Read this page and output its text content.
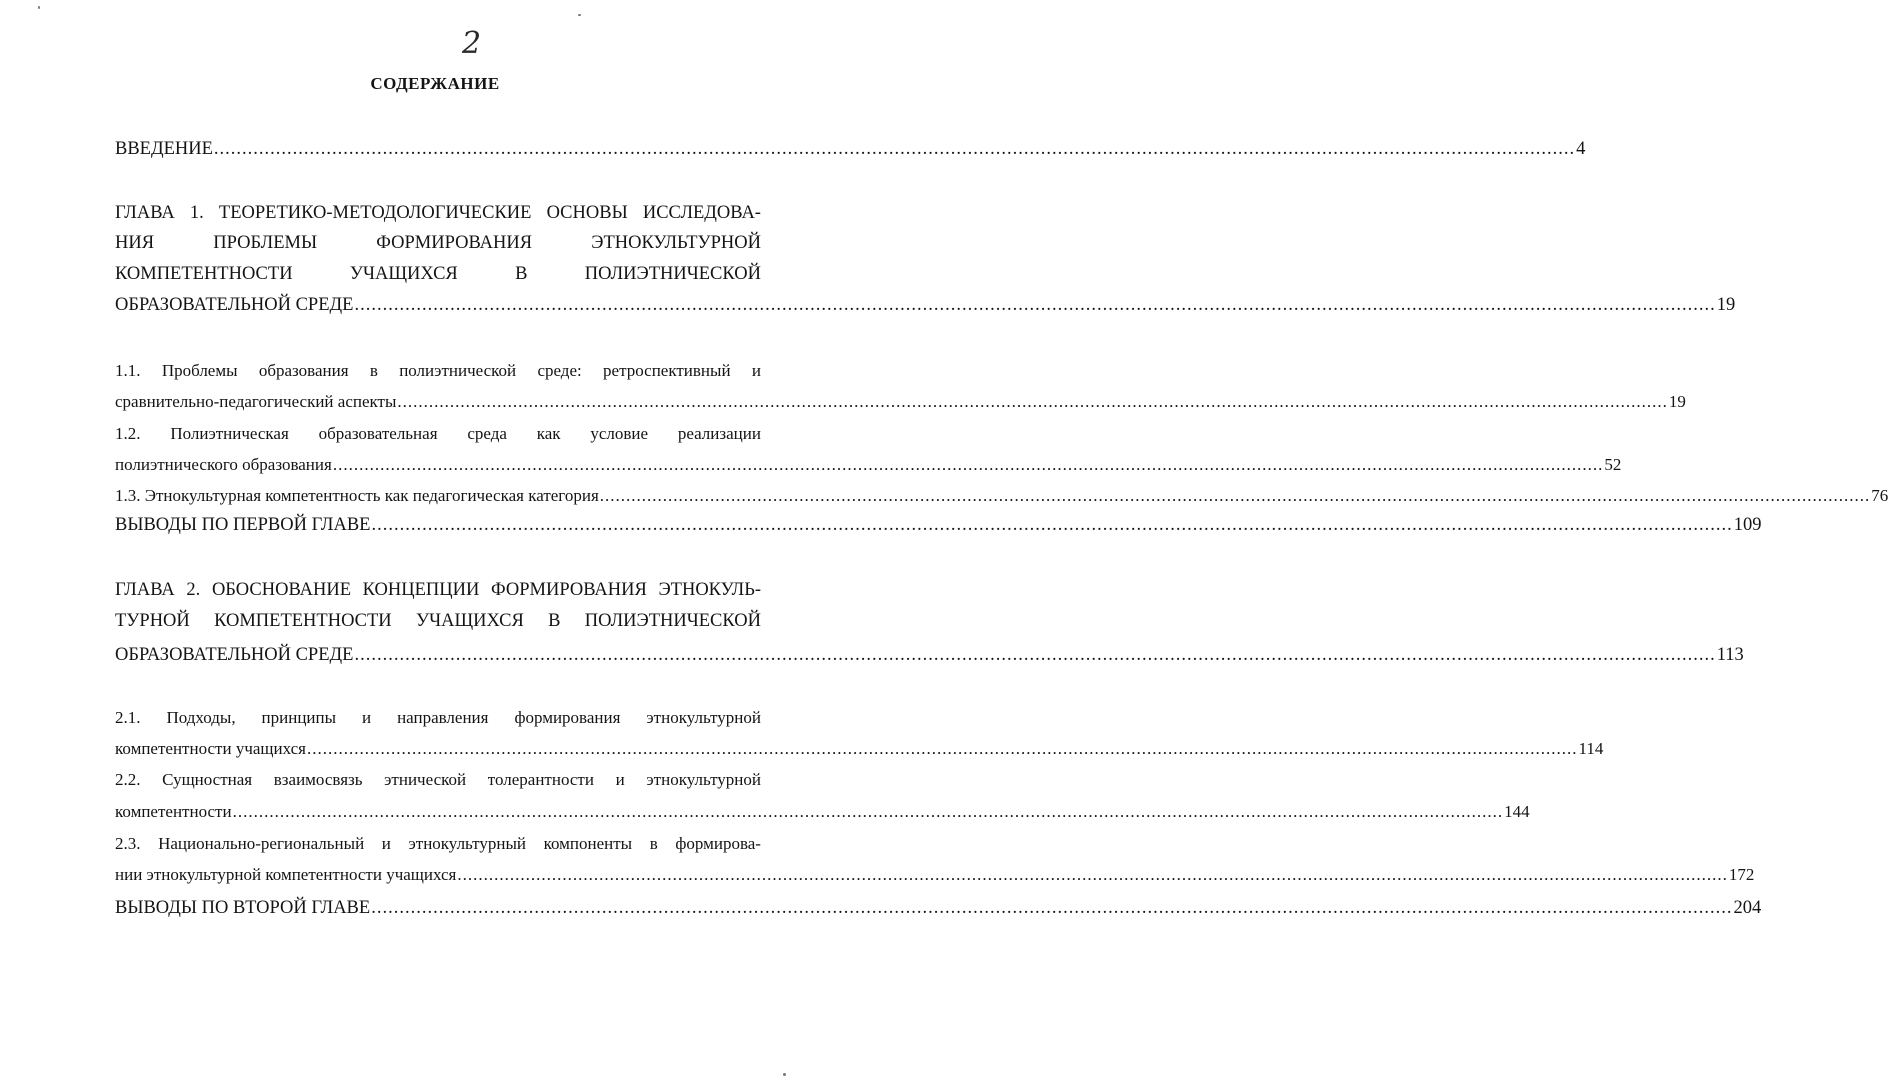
2
СОДЕРЖАНИЕ
ВВЕДЕНИЕ .................................................................................................................................................................................................................................................. 4
ГЛАВА 1. ТЕОРЕТИКО-МЕТОДОЛОГИЧЕСКИЕ ОСНОВЫ ИССЛЕДОВА-
НИЯ	ПРОБЛЕМЫ	ФОРМИРОВАНИЯ	ЭТНОКУЛЬТУРНОЙ
КОМПЕТЕНТНОСТИ	УЧАЩИХСЯ	В	ПОЛИЭТНИЧЕСКОЙ
ОБРАЗОВАТЕЛЬНОЙ СРЕДЕ .................................................................................................................................................................................................................................................. 19
1.1. Проблемы образования в полиэтнической среде: ретроспективный и
сравнительно-педагогический аспекты .................................................................................................................................................................................................................................................. 19
1.2. Полиэтническая образовательная среда как условие реализации
полиэтнического образования .................................................................................................................................................................................................................................................. 52
1.3. Этнокультурная компетентность как педагогическая категория .................................................................................................................................................................................................................................................. 76
ВЫВОДЫ ПО ПЕРВОЙ ГЛАВЕ .................................................................................................................................................................................................................................................. 109
ГЛАВА 2. ОБОСНОВАНИЕ КОНЦЕПЦИИ ФОРМИРОВАНИЯ ЭТНОКУЛЬ-
ТУРНОЙ КОМПЕТЕНТНОСТИ УЧАЩИХСЯ В ПОЛИЭТНИЧЕСКОЙ
ОБРАЗОВАТЕЛЬНОЙ СРЕДЕ .................................................................................................................................................................................................................................................. 113
2.1. Подходы, принципы и направления формирования этнокультурной
компетентности учащихся .................................................................................................................................................................................................................................................. 114
2.2. Сущностная взаимосвязь этнической толерантности и этнокультурной
компетентности .................................................................................................................................................................................................................................................. 144
2.3. Национально-региональный и этнокультурный компоненты в формирова-
нии этнокультурной компетентности учащихся .................................................................................................................................................................................................................................................. 172
ВЫВОДЫ ПО ВТОРОЙ ГЛАВЕ .................................................................................................................................................................................................................................................. 204
